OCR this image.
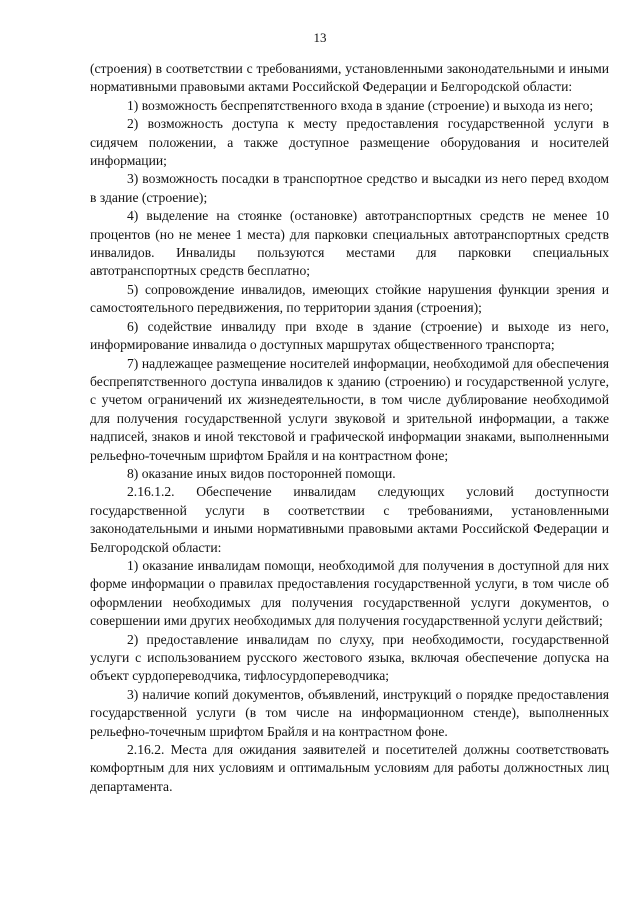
13

(строения) в соответствии с требованиями, установленными законодательными и иными нормативными правовыми актами Российской Федерации и Белгородской области:

1) возможность беспрепятственного входа в здание (строение) и выхода из него;

2) возможность доступа к месту предоставления государственной услуги в сидячем положении, а также доступное размещение оборудования и носителей информации;

3) возможность посадки в транспортное средство и высадки из него перед входом в здание (строение);

4) выделение на стоянке (остановке) автотранспортных средств не менее 10 процентов (но не менее 1 места) для парковки специальных автотранспортных средств инвалидов. Инвалиды пользуются местами для парковки специальных автотранспортных средств бесплатно;

5) сопровождение инвалидов, имеющих стойкие нарушения функции зрения и самостоятельного передвижения, по территории здания (строения);

6) содействие инвалиду при входе в здание (строение) и выходе из него, информирование инвалида о доступных маршрутах общественного транспорта;

7) надлежащее размещение носителей информации, необходимой для обеспечения беспрепятственного доступа инвалидов к зданию (строению) и государственной услуге, с учетом ограничений их жизнедеятельности, в том числе дублирование необходимой для получения государственной услуги звуковой и зрительной информации, а также надписей, знаков и иной текстовой и графической информации знаками, выполненными рельефно-точечным шрифтом Брайля и на контрастном фоне;

8) оказание иных видов посторонней помощи.

2.16.1.2. Обеспечение инвалидам следующих условий доступности государственной услуги в соответствии с требованиями, установленными законодательными и иными нормативными правовыми актами Российской Федерации и Белгородской области:

1) оказание инвалидам помощи, необходимой для получения в доступной для них форме информации о правилах предоставления государственной услуги, в том числе об оформлении необходимых для получения государственной услуги документов, о совершении ими других необходимых для получения государственной услуги действий;

2) предоставление инвалидам по слуху, при необходимости, государственной услуги с использованием русского жестового языка, включая обеспечение допуска на объект сурдопереводчика, тифлосурдопереводчика;

3) наличие копий документов, объявлений, инструкций о порядке предоставления государственной услуги (в том числе на информационном стенде), выполненных рельефно-точечным шрифтом Брайля и на контрастном фоне.

2.16.2. Места для ожидания заявителей и посетителей должны соответствовать комфортным для них условиям и оптимальным условиям для работы должностных лиц департамента.
